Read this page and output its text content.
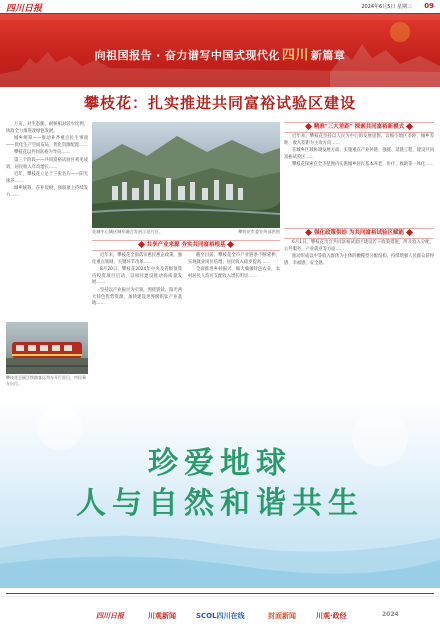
四川日报	2024年6月5日 星期三 09
向祖国报告 · 奋力谱写中国式现代化 四川 新篇章
攀枝花：扎实推进共同富裕试验区建设

万亩，对生态脆、耐候相对较少比例，执政全力推进改绿色发展。

城乡统筹——推动补齐重点民生事项——优化生产空间布局，优化资源配置……

攀枝花以共同富裕为导向……

第三个阶段——共同富裕试验区初见成效，居民收入年均增长……

近年，攀枝花立足于三张名片——阳光康养……

城乡统筹，在补短板、强弱项上持续发力……

花城中心城区城乡融合发展示范片区。	攀枝花市委宣传部供图
精准"三大差距" 探索共同富裕新模式

近年来，攀枝花坚持以人民为中心的发展思想，以缩小地区差距、城乡差距、收入差距为主攻方向……

在城乡区域协调发展方面，实施重点产业补链、强链、延链工程，建设共同富裕试验区……

攀枝花探索在全市范围内实施城乡居民基本养老、医疗、救助等一体化……

强化政策供给 为共同富裕试验区赋能

6月1日，攀枝花出台共同富裕试验区建设若干政策措施，涉及收入分配、公共服务、产业就业等方面……

推动形成以中等收入群体为主体的橄榄型分配结构，持续增强人民群众获得感、幸福感、安全感。

共享产业来源 夯实共同富裕根基

近年来，攀枝花全面落实惠民惠企政策，强化重点领域、关键环节改革……

8月20日，攀枝花2024年中央及省级预算内投资项目启动，以项目建设推动高质量发展……

坚持以产业振兴为引领，围绕钒钛、阳光两大特色优势资源，加快建设世界级钒钛产业基地……

截至目前，攀枝花全市产业链条不断延伸，实现就业岗位倍增，居民收入稳步提高……

全面推进乡村振兴，做大做强特色农业，农村居民人均可支配收入增长明显……

攀枝花至丽江铁路客运列车开行首日，市民乘车出行。
珍爱地球
人与自然和谐共生
四川日报	川观新闻	SCOL四川在线	封面新闻	川观·政经	2024
